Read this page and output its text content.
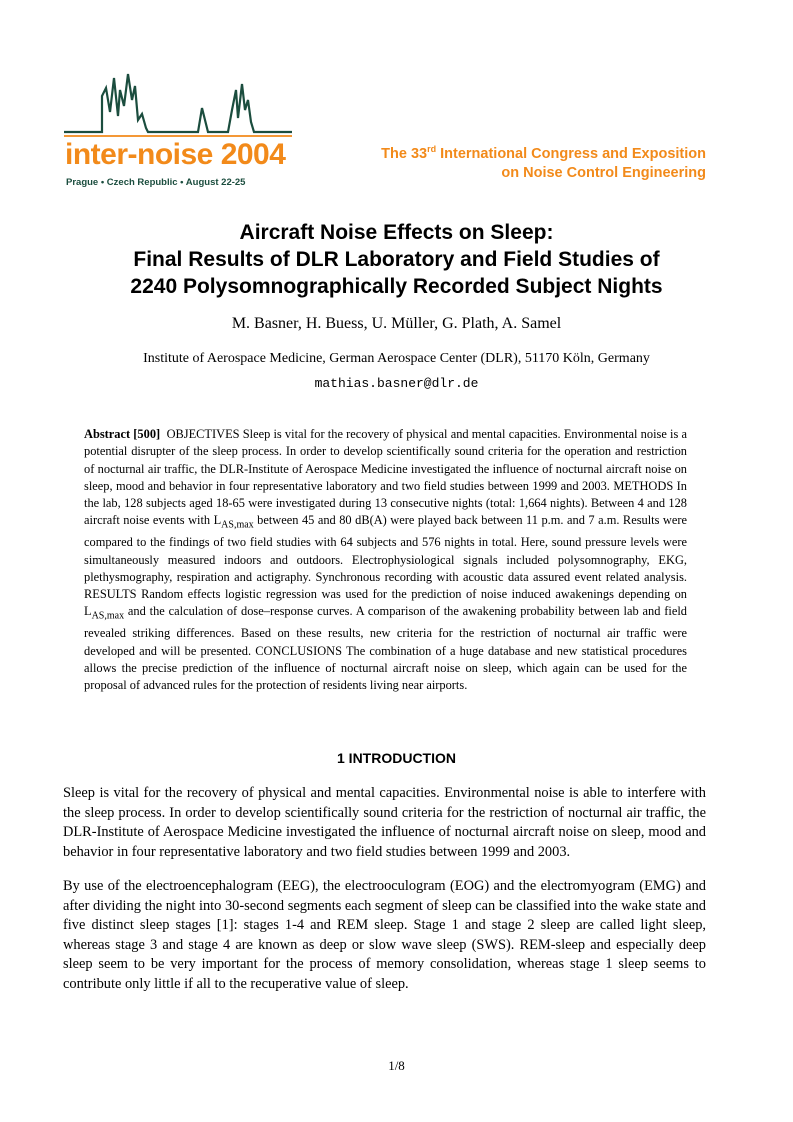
inter-noise 2004
Prague • Czech Republic • August 22-25
The 33rd International Congress and Exposition
on Noise Control Engineering
Aircraft Noise Effects on Sleep:
Final Results of DLR Laboratory and Field Studies of
2240 Polysomnographically Recorded Subject Nights
M. Basner, H. Buess, U. Müller, G. Plath, A. Samel
Institute of Aerospace Medicine, German Aerospace Center (DLR), 51170 Köln, Germany
mathias.basner@dlr.de

Abstract [500] OBJECTIVES Sleep is vital for the recovery of physical and mental capacities. Environmental noise is a potential disrupter of the sleep process. In order to develop scientifically sound criteria for the operation and restriction of nocturnal air traffic, the DLR-Institute of Aerospace Medicine investigated the influence of nocturnal aircraft noise on sleep, mood and behavior in four representative laboratory and two field studies between 1999 and 2003. METHODS In the lab, 128 subjects aged 18-65 were investigated during 13 consecutive nights (total: 1,664 nights). Between 4 and 128 aircraft noise events with $L_{AS,max}$ between 45 and 80 dB(A) were played back between 11 p.m. and 7 a.m. Results were compared to the findings of two field studies with 64 subjects and 576 nights in total. Here, sound pressure levels were simultaneously measured indoors and outdoors. Electrophysiological signals included polysomnography, EKG, plethysmography, respiration and actigraphy. Synchronous recording with acoustic data assured event related analysis. RESULTS Random effects logistic regression was used for the prediction of noise induced awakenings depending on $L_{AS,max}$ and the calculation of dose–response curves. A comparison of the awakening probability between lab and field revealed striking differences. Based on these results, new criteria for the restriction of nocturnal air traffic were developed and will be presented. CONCLUSIONS The combination of a huge database and new statistical procedures allows the precise prediction of the influence of nocturnal aircraft noise on sleep, which again can be used for the proposal of advanced rules for the protection of residents living near airports.

1 INTRODUCTION

Sleep is vital for the recovery of physical and mental capacities. Environmental noise is able to interfere with the sleep process. In order to develop scientifically sound criteria for the restriction of nocturnal air traffic, the DLR-Institute of Aerospace Medicine investigated the influence of nocturnal aircraft noise on sleep, mood and behavior in four representative laboratory and two field studies between 1999 and 2003.

By use of the electroencephalogram (EEG), the electrooculogram (EOG) and the electromyogram (EMG) and after dividing the night into 30-second segments each segment of sleep can be classified into the wake state and five distinct sleep stages [1]: stages 1-4 and REM sleep. Stage 1 and stage 2 sleep are called light sleep, whereas stage 3 and stage 4 are known as deep or slow wave sleep (SWS). REM-sleep and especially deep sleep seem to be very important for the process of memory consolidation, whereas stage 1 sleep seems to contribute only little if all to the recuperative value of sleep.

1/8
